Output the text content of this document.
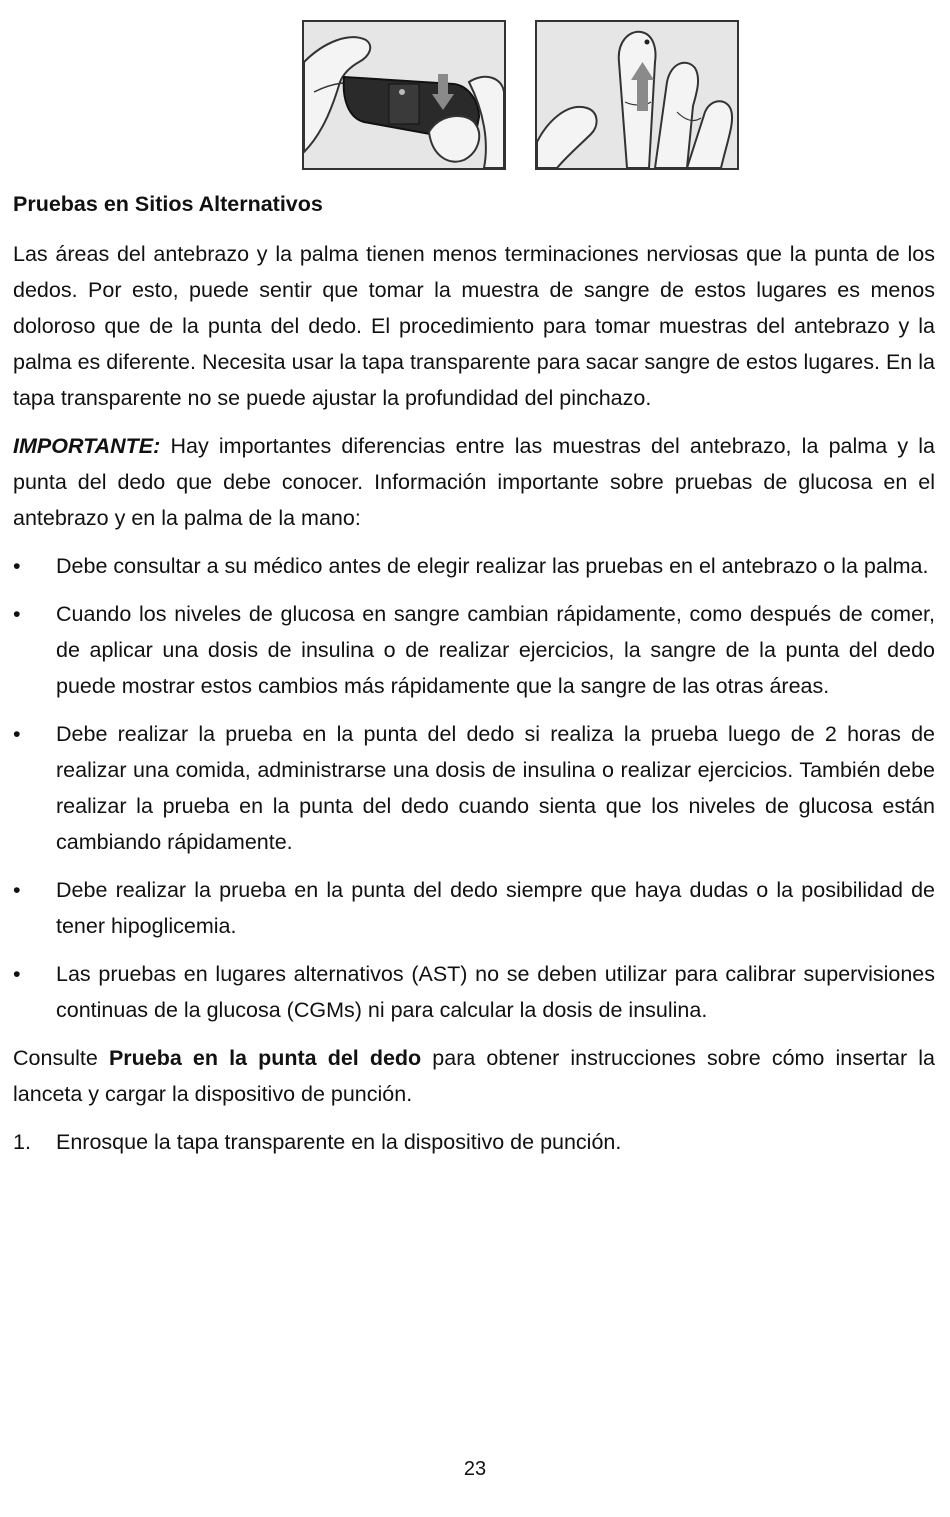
Pruebas en Sitios Alternativos

Las áreas del antebrazo y la palma tienen menos terminaciones nerviosas que la punta de los dedos. Por esto, puede sentir que tomar la muestra de sangre de estos lugares es menos doloroso que de la punta del dedo. El procedimiento para tomar muestras del antebrazo y la palma es diferente. Necesita usar la tapa transparente para sacar sangre de estos lugares. En la tapa transparente no se puede ajustar la profundidad del pinchazo.

IMPORTANTE: Hay importantes diferencias entre las muestras del antebrazo, la palma y la punta del dedo que debe conocer. Información importante sobre pruebas de glucosa en el antebrazo y en la palma de la mano:

•	Debe consultar a su médico antes de elegir realizar las pruebas en el antebrazo o la palma.
•	Cuando los niveles de glucosa en sangre cambian rápidamente, como después de comer, de aplicar una dosis de insulina o de realizar ejercicios, la sangre de la punta del dedo puede mostrar estos cambios más rápidamente que la sangre de las otras áreas.
•	Debe realizar la prueba en la punta del dedo si realiza la prueba luego de 2 horas de realizar una comida, administrarse una dosis de insulina o realizar ejercicios. También debe realizar la prueba en la punta del dedo cuando sienta que los niveles de glucosa están cambiando rápidamente.
•	Debe realizar la prueba en la punta del dedo siempre que haya dudas o la posibilidad de tener hipoglicemia.
•	Las pruebas en lugares alternativos (AST) no se deben utilizar para calibrar supervisiones continuas de la glucosa (CGMs) ni para calcular la dosis de insulina.

Consulte Prueba en la punta del dedo para obtener instrucciones sobre cómo insertar la lanceta y cargar la dispositivo de punción.

1. Enrosque la tapa transparente en la dispositivo de punción.
23
